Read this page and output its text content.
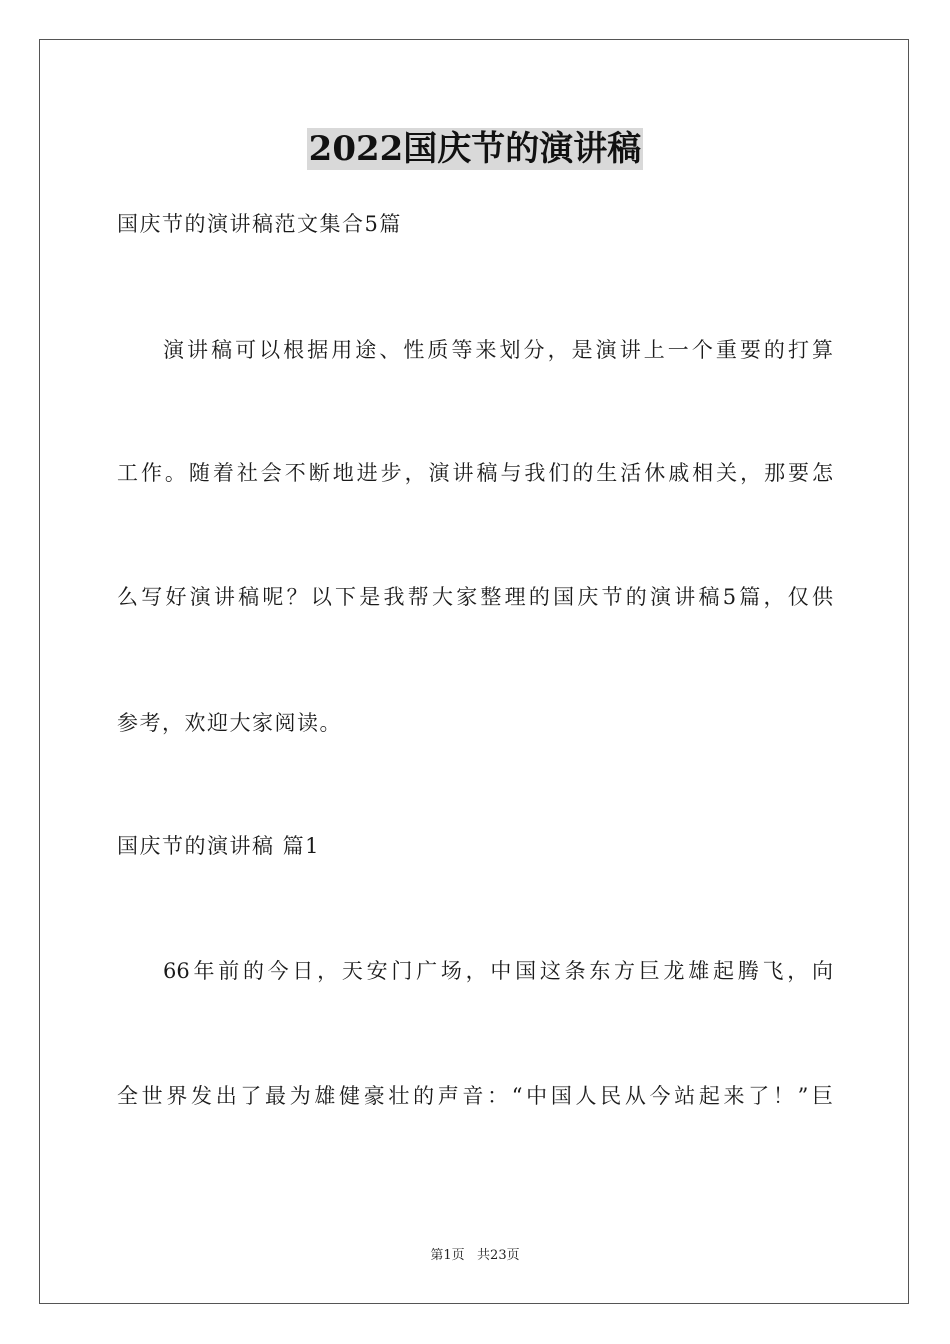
2022国庆节的演讲稿
国庆节的演讲稿范文集合5篇
演讲稿可以根据用途、性质等来划分，是演讲上一个重要的打算
工作。随着社会不断地进步，演讲稿与我们的生活休戚相关，那要怎
么写好演讲稿呢？以下是我帮大家整理的国庆节的演讲稿5篇，仅供
参考，欢迎大家阅读。
国庆节的演讲稿 篇1
66年前的今日，天安门广场，中国这条东方巨龙雄起腾飞，向
全世界发出了最为雄健豪壮的声音：“中国人民从今站起来了！”巨
第1页   共23页
